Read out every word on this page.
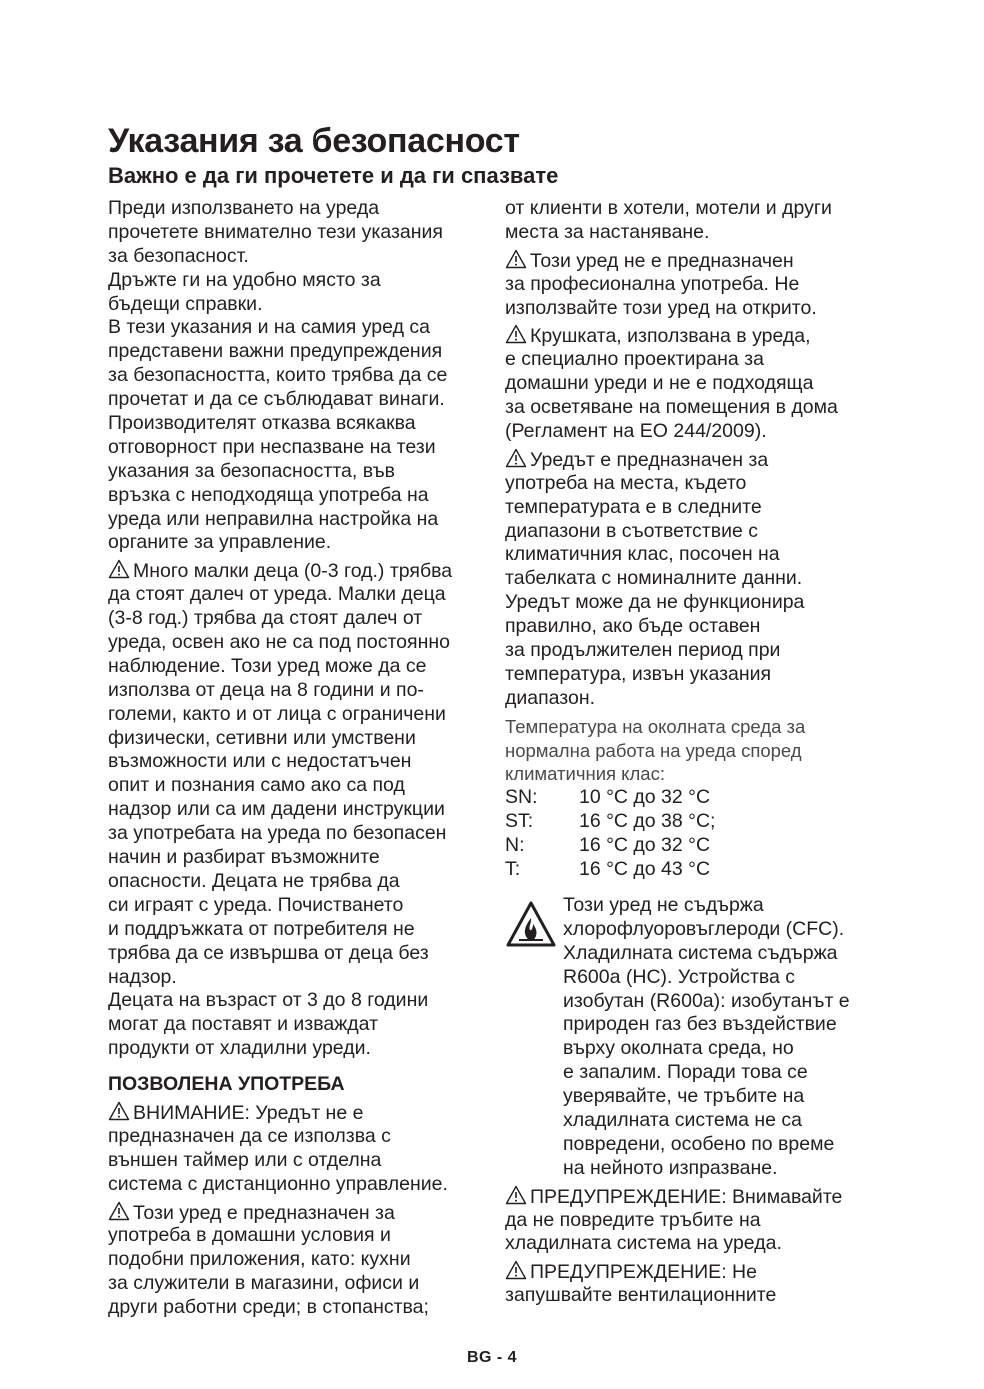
Указания за безопасност
Важно е да ги прочетете и да ги спазвате
Преди използването на уреда
прочетете внимателно тези указания
за безопасност.
Дръжте ги на удобно място за
бъдещи справки.
В тези указания и на самия уред са
представени важни предупреждения
за безопасността, които трябва да се
прочетат и да се съблюдават винаги.
Производителят отказва всякаква
отговорност при неспазване на тези
указания за безопасността, във
връзка с неподходяща употреба на
уреда или неправилна настройка на
органите за управление.
Много малки деца (0-3 год.) трябва
да стоят далеч от уреда. Малки деца
(3-8 год.) трябва да стоят далеч от
уреда, освен ако не са под постоянно
наблюдение. Този уред може да се
използва от деца на 8 години и по-
големи, както и от лица с ограничени
физически, сетивни или умствени
възможности или с недостатъчен
опит и познания само ако са под
надзор или са им дадени инструкции
за употребата на уреда по безопасен
начин и разбират възможните
опасности. Децата не трябва да
си играят с уреда. Почистването
и поддръжката от потребителя не
трябва да се извършва от деца без
надзор.
Децата на възраст от 3 до 8 години
могат да поставят и изваждат
продукти от хладилни уреди.
ПОЗВОЛЕНА УПОТРЕБА
ВНИМАНИЕ: Уредът не е
предназначен да се използва с
външен таймер или с отделна
система с дистанционно управление.
Този уред е предназначен за
употреба в домашни условия и
подобни приложения, като: кухни
за служители в магазини, офиси и
други работни среди; в стопанства;
от клиенти в хотели, мотели и други
места за настаняване.
Този уред не е предназначен
за професионална употреба. Не
използвайте този уред на открито.
Крушката, използвана в уреда,
е специално проектирана за
домашни уреди и не е подходяща
за осветяване на помещения в дома
(Регламент на ЕО 244/2009).
Уредът е предназначен за
употреба на места, където
температурата е в следните
диапазони в съответствие с
климатичния клас, посочен на
табелката с номиналните данни.
Уредът може да не функционира
правилно, ако бъде оставен
за продължителен период при
температура, извън указания
диапазон.
Температура на околната среда за
нормална работа на уреда според
климатичния клас:
SN: 10 °C до 32 °C
ST: 16 °C до 38 °C;
N:	16 °C до 32 °C
T:	16 °C до 43 °C
Този уред не съдържа
хлорофлуоровъглероди (CFC).
Хладилната система съдържа
R600a (HC). Устройства с
изобутан (R600a): изобутанът е
природен газ без въздействие
върху околната среда, но
е запалим. Поради това се
уверявайте, че тръбите на
хладилната система не са
повредени, особено по време
на нейното изпразване.
ПРЕДУПРЕЖДЕНИЕ: Внимавайте
да не повредите тръбите на
хладилната система на уреда.
ПРЕДУПРЕЖДЕНИЕ: Не
запушвайте вентилационните
BG - 4
